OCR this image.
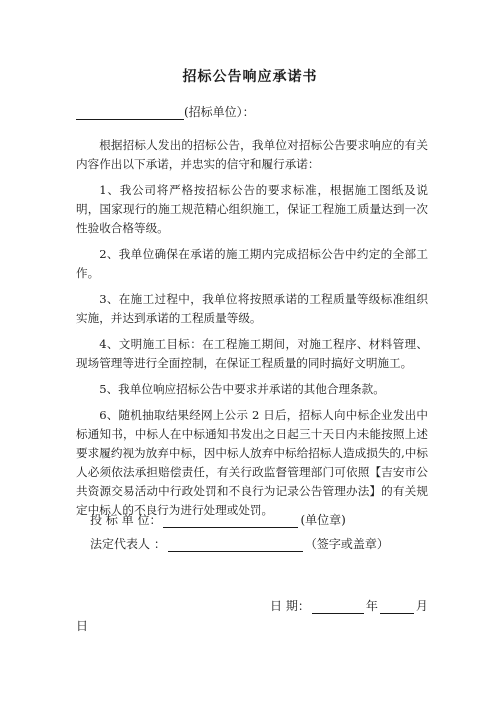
招标公告响应承诺书
(招标单位）：

根据招标人发出的招标公告，我单位对招标公告要求响应的有关内容作出以下承诺，并忠实的信守和履行承诺：

1、我公司将严格按招标公告的要求标准，根据施工图纸及说明，国家现行的施工规范精心组织施工，保证工程施工质量达到一次性验收合格等级。

2、我单位确保在承诺的施工期内完成招标公告中约定的全部工作。

3、在施工过程中，我单位将按照承诺的工程质量等级标准组织实施，并达到承诺的工程质量等级。

4、文明施工目标：在工程施工期间，对施工程序、材料管理、现场管理等进行全面控制，在保证工程质量的同时搞好文明施工。

5、我单位响应招标公告中要求并承诺的其他合理条款。

6、随机抽取结果经网上公示 2 日后，招标人向中标企业发出中标通知书，中标人在中标通知书发出之日起三十天日内未能按照上述要求履约视为放弃中标，因中标人放弃中标给招标人造成损失的,中标人必须依法承担赔偿责任，有关行政监督管理部门可依照【吉安市公共资源交易活动中行政处罚和不良行为记录公告管理办法】的有关规定中标人的不良行为进行处理或处罚。

投 标 单 位：	(单位章)
法定代表人 ：	（签字或盖章）
日 期：	年	月
日
